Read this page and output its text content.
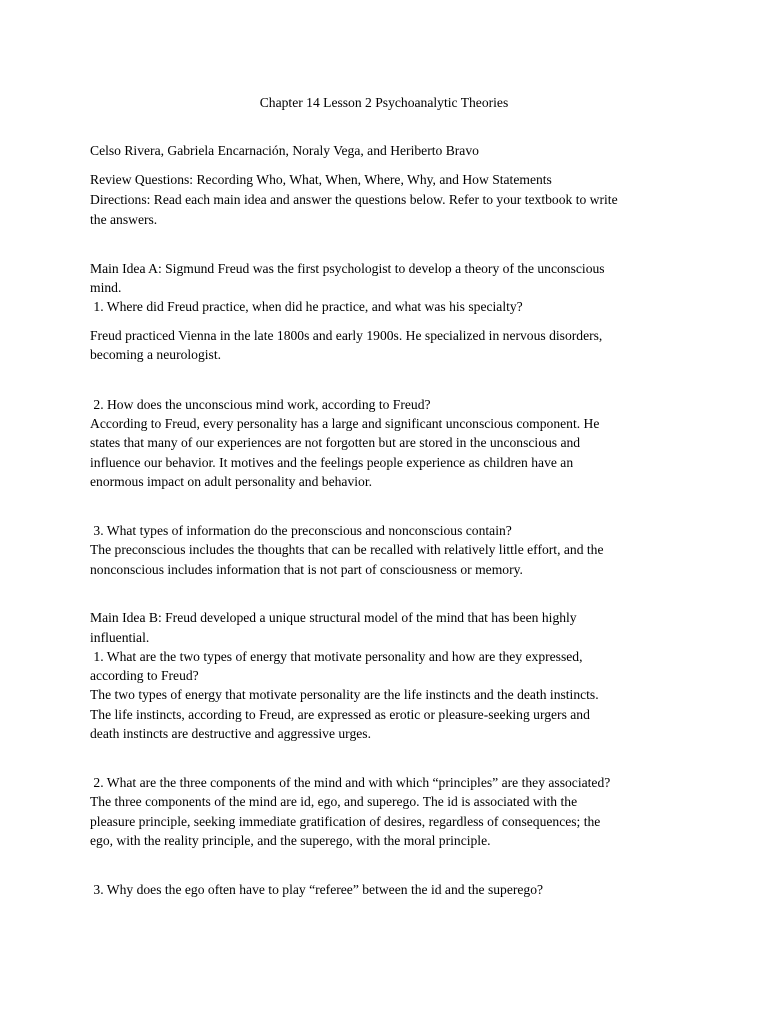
Chapter 14 Lesson 2 Psychoanalytic Theories

Celso Rivera, Gabriela Encarnación, Noraly Vega, and Heriberto Bravo

Review Questions: Recording Who, What, When, Where, Why, and How Statements

Directions: Read each main idea and answer the questions below. Refer to your textbook to write

the answers.

Main Idea A: Sigmund Freud was the first psychologist to develop a theory of the unconscious

mind.

1. Where did Freud practice, when did he practice, and what was his specialty?

Freud practiced Vienna in the late 1800s and early 1900s. He specialized in nervous disorders,

becoming a neurologist.

2. How does the unconscious mind work, according to Freud?

According to Freud, every personality has a large and significant unconscious component. He

states that many of our experiences are not forgotten but are stored in the unconscious and

influence our behavior. It motives and the feelings people experience as children have an

enormous impact on adult personality and behavior.

3. What types of information do the preconscious and nonconscious contain?

The preconscious includes the thoughts that can be recalled with relatively little effort, and the

nonconscious includes information that is not part of consciousness or memory.

Main Idea B: Freud developed a unique structural model of the mind that has been highly

influential.

1. What are the two types of energy that motivate personality and how are they expressed,

according to Freud?

The two types of energy that motivate personality are the life instincts and the death instincts.

The life instincts, according to Freud, are expressed as erotic or pleasure-seeking urgers and

death instincts are destructive and aggressive urges.

2. What are the three components of the mind and with which “principles” are they associated?

The three components of the mind are id, ego, and superego. The id is associated with the

pleasure principle, seeking immediate gratification of desires, regardless of consequences; the

ego, with the reality principle, and the superego, with the moral principle.

3. Why does the ego often have to play “referee” between the id and the superego?
